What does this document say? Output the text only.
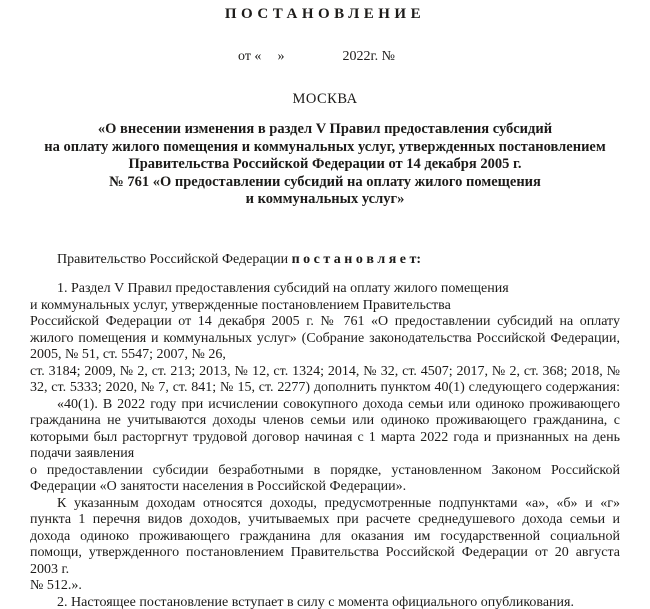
ПОСТАНОВЛЕНИЕ
от « »	2022г. №
МОСКВА
«О внесении изменения в раздел V Правил предоставления субсидий
на оплату жилого помещения и коммунальных услуг, утвержденных постановлением
Правительства Российской Федерации от 14 декабря 2005 г.
№ 761 «О предоставлении субсидий на оплату жилого помещения
и коммунальных услуг»
Правительство Российской Федерации п о с т а н о в л я е т:
1. Раздел V Правил предоставления субсидий на оплату жилого помещения
и коммунальных услуг, утвержденные постановлением Правительства
Российской Федерации от 14 декабря 2005 г. № 761 «О предоставлении субсидий на оплату
жилого помещения и коммунальных услуг» (Собрание законодательства Российской Федерации,
2005, № 51, ст. 5547; 2007, № 26,
ст. 3184; 2009, № 2, ст. 213; 2013, № 12, ст. 1324; 2014, № 32, ст. 4507; 2017, № 2, ст. 368; 2018, №
32, ст. 5333; 2020, № 7, ст. 841; № 15, ст. 2277) дополнить пунктом 40(1) следующего содержания:
«40(1). В 2022 году при исчислении совокупного дохода семьи или одиноко проживающего
гражданина не учитываются доходы членов семьи или одиноко проживающего гражданина, с
которыми был расторгнут трудовой договор начиная с 1 марта 2022 года и признанных на день
подачи заявления
о предоставлении субсидии безработными в порядке, установленном Законом Российской
Федерации «О занятости населения в Российской Федерации».
К указанным доходам относятся доходы, предусмотренные подпунктами «а», «б» и «г»
пункта 1 перечня видов доходов, учитываемых при расчете среднедушевого дохода семьи и
дохода одиноко проживающего гражданина для оказания им государственной социальной
помощи, утвержденного постановлением Правительства Российской Федерации от 20 августа
2003 г.
№ 512.».
2. Настоящее постановление вступает в силу с момента официального опубликования.
